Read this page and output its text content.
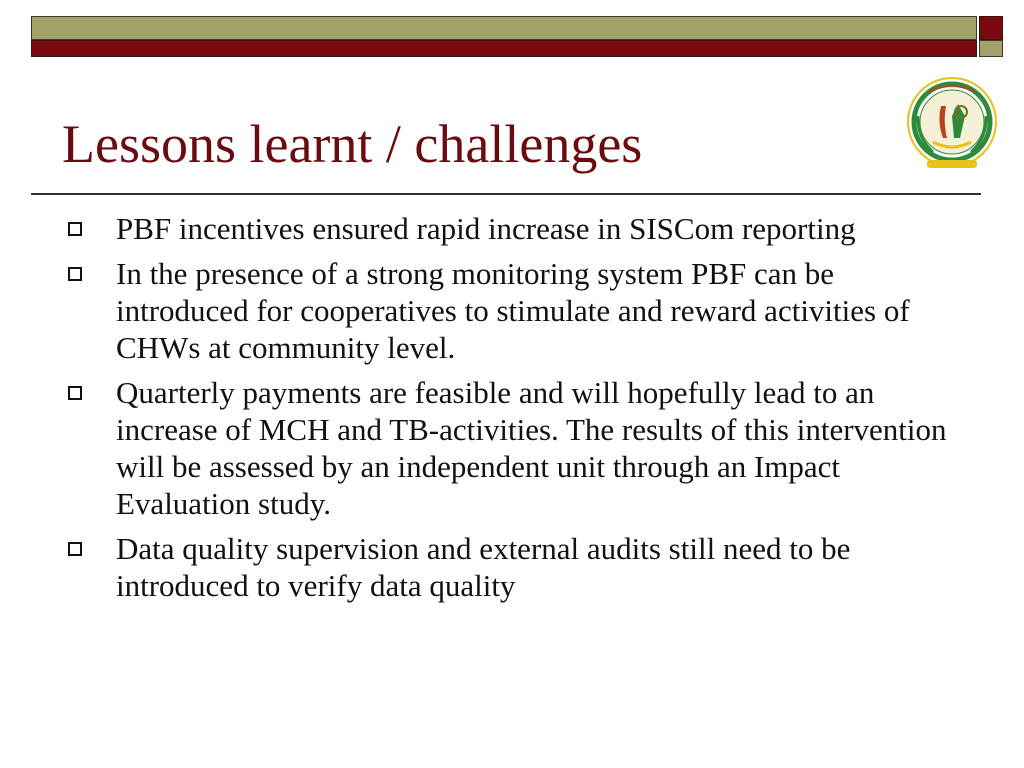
Lessons learnt / challenges
PBF incentives ensured rapid increase in SISCom reporting
In the presence of a strong monitoring system PBF can be introduced for cooperatives to stimulate and reward activities of CHWs at community level.
Quarterly payments are feasible and will hopefully lead to an increase of MCH and TB-activities. The results of this intervention will be assessed by an independent unit through an Impact Evaluation study.
Data quality supervision and external audits still need to be introduced to verify data quality
